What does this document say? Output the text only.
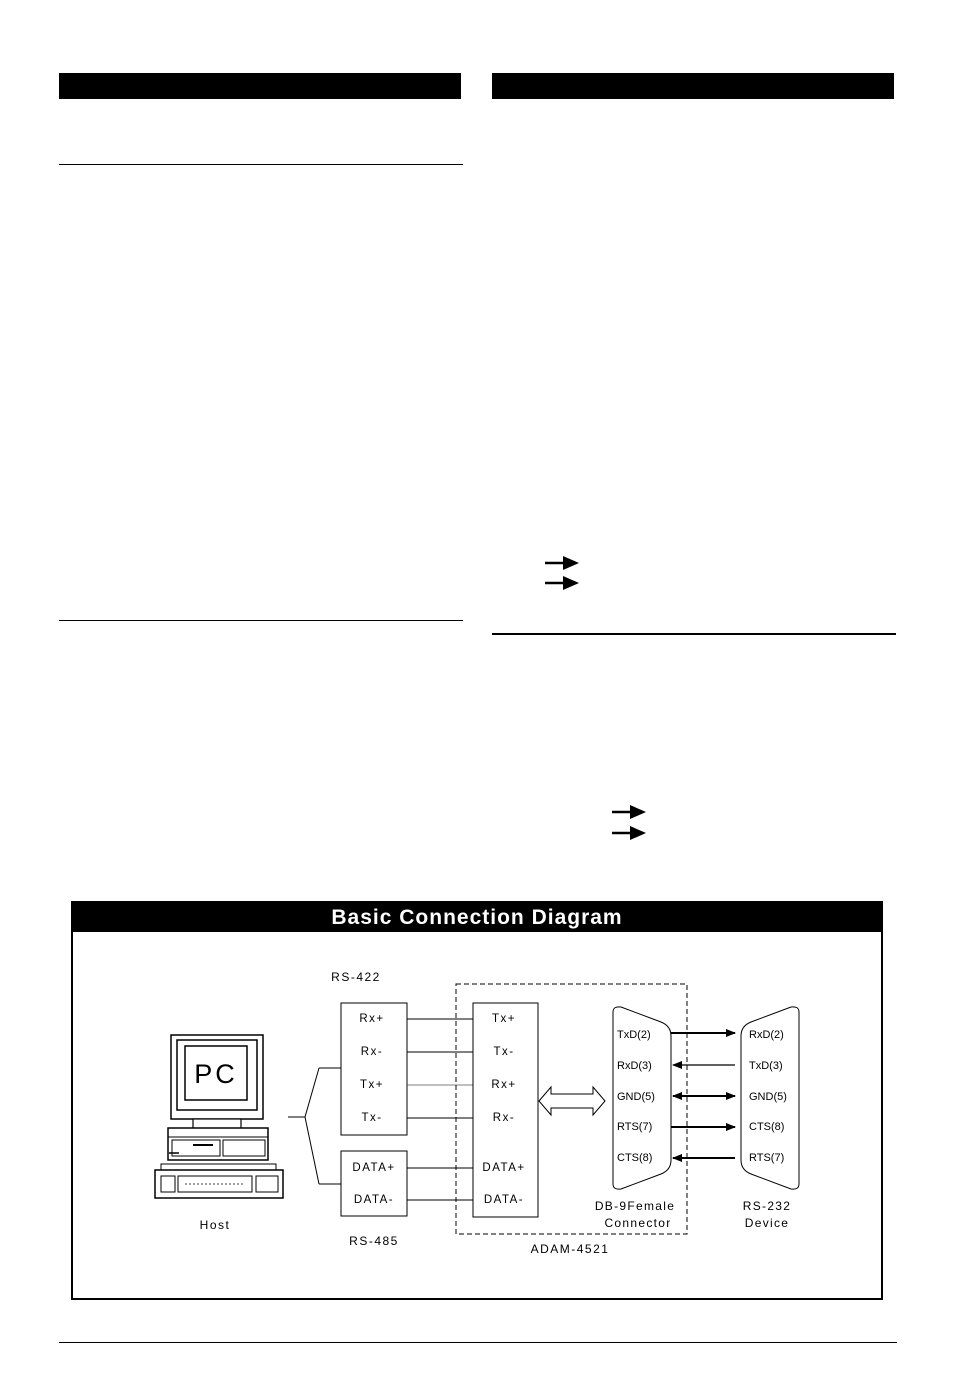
Basic Connection Diagram
PC
Host
RS-422
Rx+
Rx-
Tx+
Tx-
DATA+
DATA-
RS-485
ADAM-4521
Tx+
Tx-
Rx+
Rx-
DATA+
DATA-
TxD(2)
RxD(3)
GND(5)
RTS(7)
CTS(8)
DB-9Female
Connector
RxD(2)
TxD(3)
GND(5)
CTS(8)
RTS(7)
RS-232
Device
